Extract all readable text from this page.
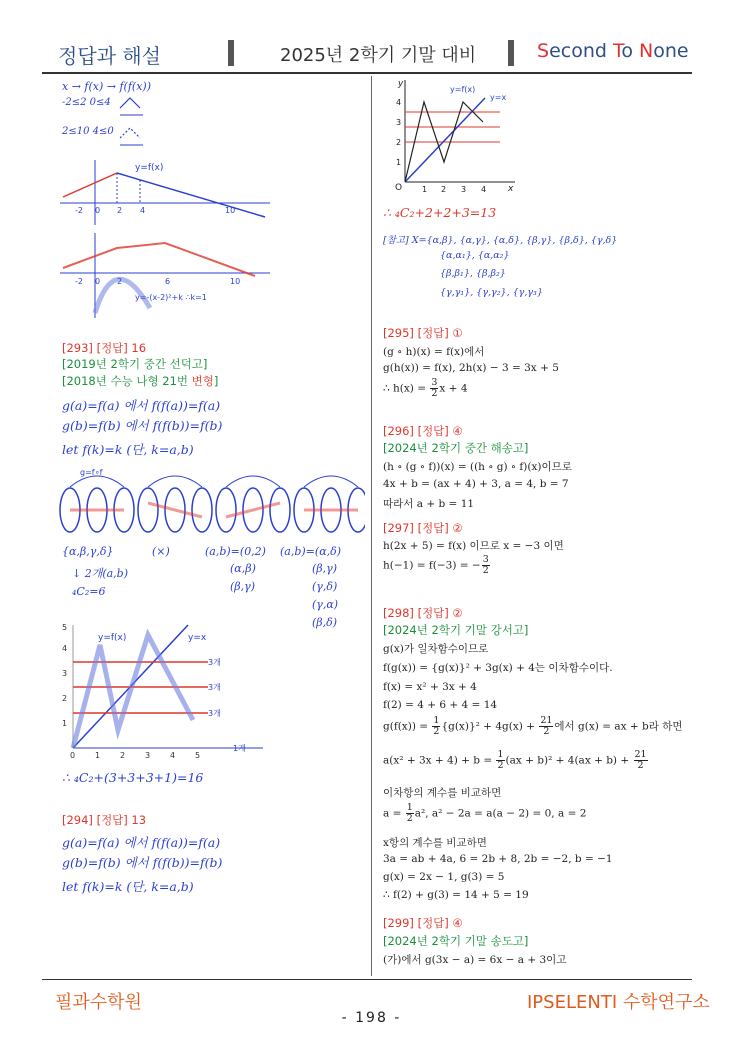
정답과 해설	2025년 2학기 기말 대비	Second To None
x → f(x) → f(f(x))
-2≤2 0≤4
2≤10 4≤0
y=f(x)
-2 0 2 4	10
-2 0 2	6	10
y=-(x-2)²+k ∴k=1
[293] [정답] 16
[2019년 2학기 중간 선덕고]
[2018년 수능 나형 21번 변형]
g(a)=f(a) 에서 f(f(a))=f(a)
g(b)=f(b) 에서 f(f(b))=f(b)
let f(k)=k (단, k=a,b)
g=f∘f
{α,β,γ,δ}	(×)	(a,b)=(0,2) (a,b)=(α,δ)
(α,β)
(β,γ)
(β,γ)
(γ,δ)
(γ,α)
(β,δ)
↓ 2개(a,b)
₄C₂=6
3개
3개
3개
1개
y=f(x)	y=x
0 1 2 3 4 5
1
2
3
4
5
∴ ₄C₂+(3+3+3+1)=16
[294] [정답] 13
g(a)=f(a) 에서 f(f(a))=f(a)
g(b)=f(b) 에서 f(f(b))=f(b)
let f(k)=k (단, k=a,b)
y=f(x)
y=x
O	x
y
1 2 3 4
1
2
3
4
∴ ₄C₂+2+2+3=13
[참고] X={α,β}, {α,γ}, {α,δ}, {β,γ}, {β,δ}, {γ,δ}
{α,α₁}, {α,α₂}
{β,β₁}, {β,β₂}
{γ,γ₁}, {γ,γ₂}, {γ,γ₃}
[295] [정답] ①
(g ∘ h)(x) = f(x)에서
g(h(x)) = f(x), 2h(x) − 3 = 3x + 5
∴ $h(x) = \frac{3}{2}$ x + 4
[296] [정답] ④
[2024년 2학기 중간 해송고]
(h ∘ (g ∘ f))(x) = ((h ∘ g) ∘ f)(x)이므로
4x + b = (ax + 4) + 3, a = 4, b = 7
따라서 a + b = 11
[297] [정답] ②
h(2x + 5) = f(x) 이므로 x = −3 이면
h(−1) = f(−3) = − $\frac{3}{2}$
[298] [정답] ②
[2024년 2학기 기말 강서고]
g(x)가 일차함수이므로
f(g(x)) = {g(x)}² + 3g(x) + 4는 이차함수이다.
f(x) = x² + 3x + 4
f(2) = 4 + 6 + 4 = 14
$g(f(x)) = \frac{1}{2} \{g(x)\}^2 + 4g(x) + \frac{21}{2}$ 에서 g(x) = ax + b라 하면
$a(x^2 + 3x + 4) + b = \frac{1}{2} (ax + b)^2 + 4(ax + b) + \frac{21}{2}$
이차항의 계수를 비교하면
$a = \frac{1}{2} a^2$, a² − 2a = a(a − 2) = 0, a = 2
x항의 계수를 비교하면
3a = ab + 4a, 6 = 2b + 8, 2b = −2, b = −1
g(x) = 2x − 1, g(3) = 5
∴ f(2) + g(3) = 14 + 5 = 19
[299] [정답] ④
[2024년 2학기 기말 송도고]
(가)에서 g(3x − a) = 6x − a + 3이고
필과수학원	IPSELENTI 수학연구소
- 198 -
